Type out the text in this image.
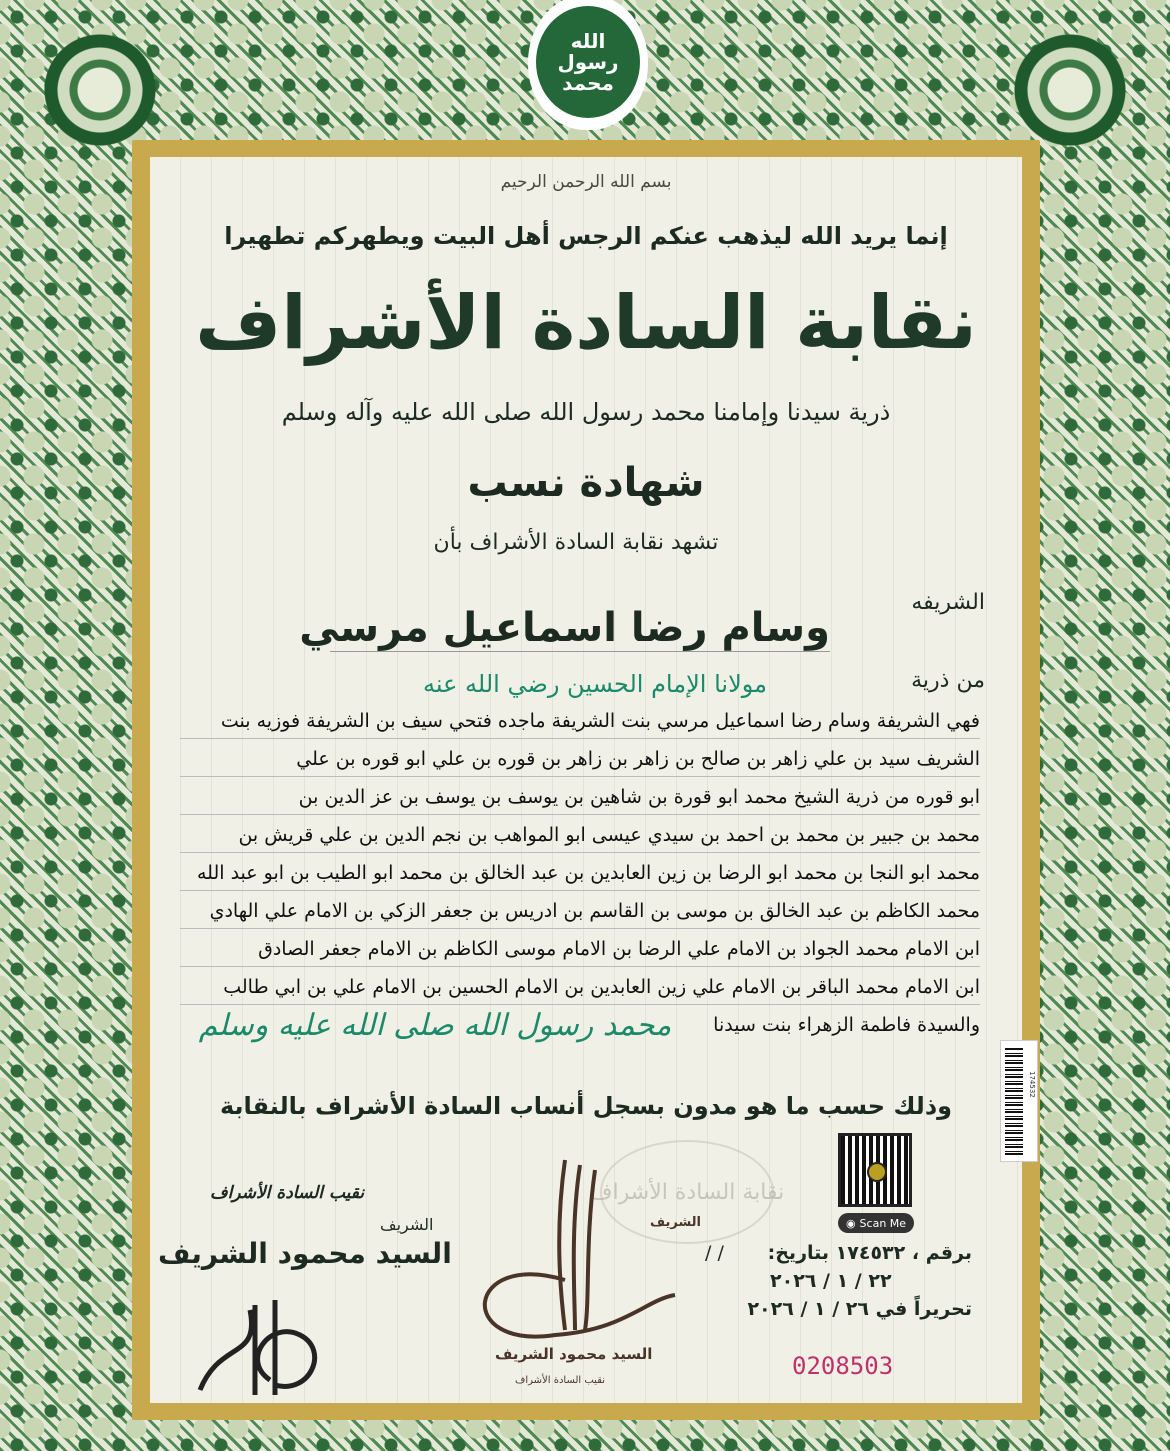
الله
رسول
محمد
بسم الله الرحمن الرحيم
إنما يريد الله ليذهب عنكم الرجس أهل البيت ويطهركم تطهيرا
نقابة السادة الأشراف
ذرية سيدنا وإمامنا محمد رسول الله صلى الله عليه وآله وسلم
شهادة نسب
تشهد نقابة السادة الأشراف بأن
الشريفه
وسام رضا اسماعيل مرسي
من ذرية
مولانا الإمام الحسين رضي الله عنه
فهي الشريفة وسام رضا اسماعيل مرسي بنت الشريفة ماجده فتحي سيف بن الشريفة فوزيه بنت
الشريف سيد بن علي زاهر بن صالح بن زاهر بن زاهر بن قوره بن علي ابو قوره بن علي
ابو قوره من ذرية الشيخ محمد ابو قورة بن شاهين بن يوسف بن يوسف بن عز الدين بن
محمد بن جبير بن محمد بن احمد بن سيدي عيسى ابو المواهب بن نجم الدين بن علي قريش بن
محمد ابو النجا بن محمد ابو الرضا بن زين العابدين بن عبد الخالق بن محمد ابو الطيب بن ابو عبد الله
محمد الكاظم بن عبد الخالق بن موسى بن القاسم بن ادريس بن جعفر الزكي بن الامام علي الهادي
ابن الامام محمد الجواد بن الامام علي الرضا بن الامام موسى الكاظم بن الامام جعفر الصادق
ابن الامام محمد الباقر بن الامام علي زين العابدين بن الامام الحسين بن الامام علي بن ابي طالب
والسيدة فاطمة الزهراء بنت سيدنا
محمد رسول الله صلى الله عليه وسلم
وذلك حسب ما هو مدون بسجل أنساب السادة الأشراف بالنقابة
نقابة السادة الأشراف
174532
◉ Scan Me
نقيب السادة الأشراف
السيد محمود الشريف
الشريف	الشريف
السيد محمود الشريف
نقيب السادة الأشراف
برقم ، ١٧٤٥٣٢ بتاريخ:
/ /
٢٢ / ١ / ٢٠٢٦
تحريراً في ٢٦ / ١ / ٢٠٢٦
0208503
